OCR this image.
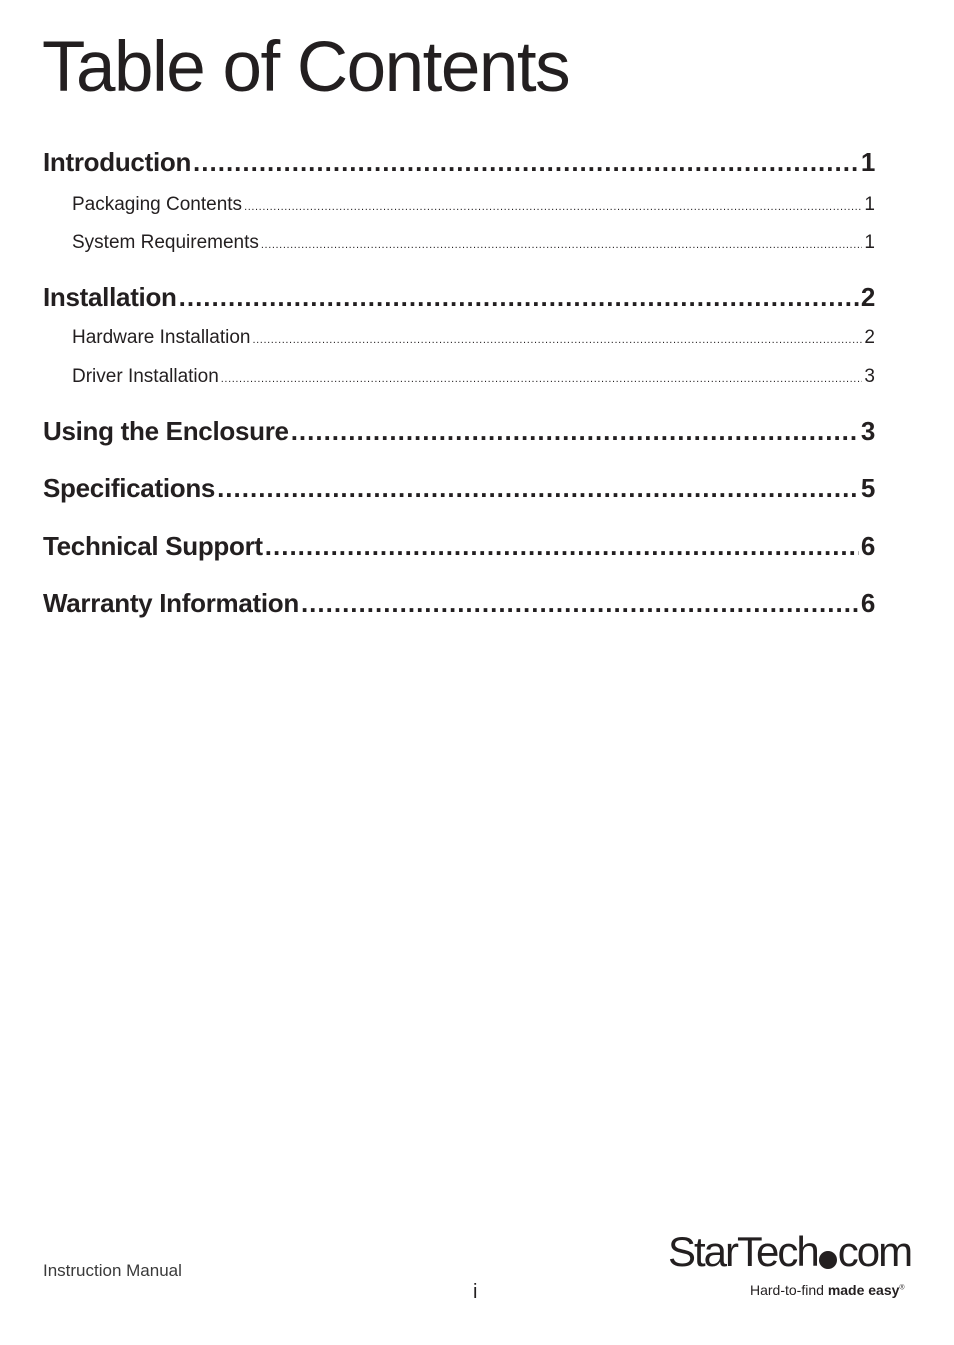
Table of Contents
Introduction .....	1
Packaging Contents .....	1
System Requirements .....	1
Installation .....	2
Hardware Installation .....	2
Driver Installation .....	3
Using the Enclosure .....	3
Specifications .....	5
Technical Support .....	6
Warranty Information .....	6
Instruction Manual
i
StarTech com
Hard-to-find made easy®
